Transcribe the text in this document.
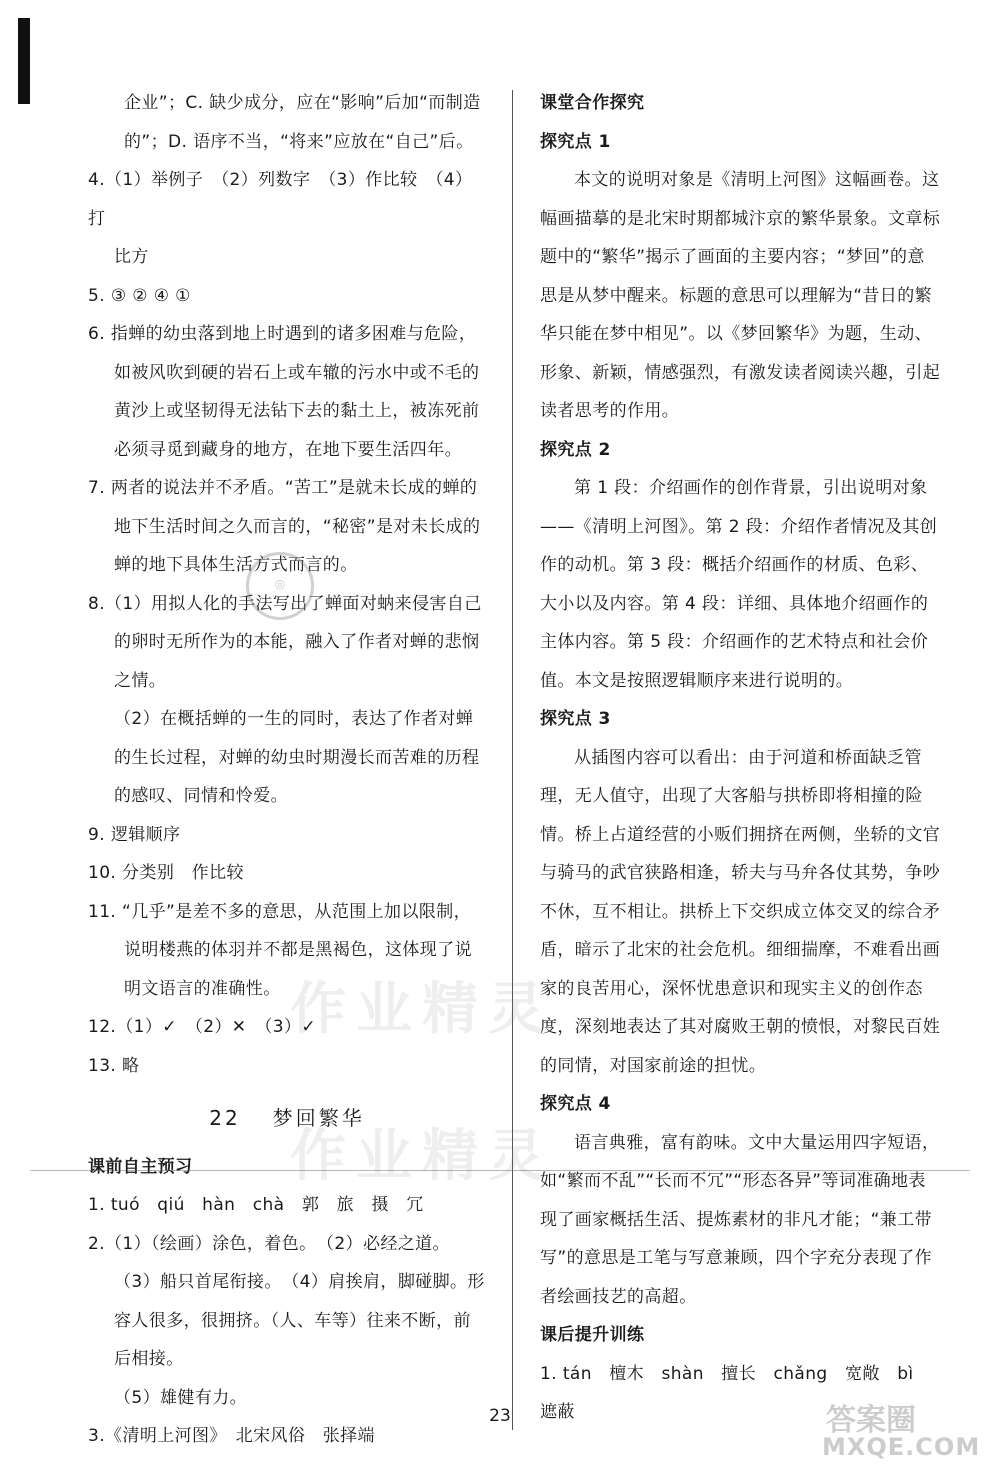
企业”；C. 缺少成分，应在“影响”后加“而制造

的”；D. 语序不当，“将来”应放在“自己”后。

4.（1）举例子　（2）列数字　（3）作比较　（4）打

比方

5. ③ ② ④ ①

6. 指蝉的幼虫落到地上时遇到的诸多困难与危险，如被风吹到硬的岩石上或车辙的污水中或不毛的黄沙上或坚韧得无法钻下去的黏土上，被冻死前必须寻觅到藏身的地方，在地下要生活四年。

7. 两者的说法并不矛盾。“苦工”是就未长成的蝉的地下生活时间之久而言的，“秘密”是对未长成的蝉的地下具体生活方式而言的。

8.（1）用拟人化的手法写出了蝉面对蚋来侵害自己的卵时无所作为的本能，融入了作者对蝉的悲悯之情。

（2）在概括蝉的一生的同时，表达了作者对蝉的生长过程，对蝉的幼虫时期漫长而苦难的历程的感叹、同情和怜爱。

9. 逻辑顺序

10. 分类别　作比较

11. “几乎”是差不多的意思，从范围上加以限制，说明楼燕的体羽并不都是黑褐色，这体现了说明文语言的准确性。

12.（1）✓　（2）✕　（3）✓

13. 略

22 梦回繁华

课前自主预习

1. tuó　qiú　hàn　chà　郭　旅　摄　冗

2.（1）（绘画）涂色，着色。　（2）必经之道。

（3）船只首尾衔接。　（4）肩挨肩，脚碰脚。形容人很多，很拥挤。（人、车等）往来不断，前后相接。

（5）雄健有力。

3.《清明上河图》　北宋风俗　张择端

课堂合作探究

探究点 1

本文的说明对象是《清明上河图》这幅画卷。这幅画描摹的是北宋时期都城汴京的繁华景象。文章标题中的“繁华”揭示了画面的主要内容；“梦回”的意思是从梦中醒来。标题的意思可以理解为“昔日的繁华只能在梦中相见”。以《梦回繁华》为题，生动、形象、新颖，情感强烈，有激发读者阅读兴趣，引起读者思考的作用。

探究点 2

第 1 段：介绍画作的创作背景，引出说明对象——《清明上河图》。第 2 段：介绍作者情况及其创作的动机。第 3 段：概括介绍画作的材质、色彩、大小以及内容。第 4 段：详细、具体地介绍画作的主体内容。第 5 段：介绍画作的艺术特点和社会价值。本文是按照逻辑顺序来进行说明的。

探究点 3

从插图内容可以看出：由于河道和桥面缺乏管理，无人值守，出现了大客船与拱桥即将相撞的险情。桥上占道经营的小贩们拥挤在两侧，坐轿的文官与骑马的武官狭路相逢，轿夫与马弁各仗其势，争吵不休，互不相让。拱桥上下交织成立体交叉的综合矛盾，暗示了北宋的社会危机。细细揣摩，不难看出画家的良苦用心，深怀忧患意识和现实主义的创作态度，深刻地表达了其对腐败王朝的愤恨，对黎民百姓的同情，对国家前途的担忧。

探究点 4

语言典雅，富有韵味。文中大量运用四字短语，如“繁而不乱”“长而不冗”“形态各异”等词准确地表现了画家概括生活、提炼素材的非凡才能；“兼工带写”的意思是工笔与写意兼顾，四个字充分表现了作者绘画技艺的高超。

课后提升训练

1. tán　檀木　shàn　擅长　chǎng　宽敞　bì　遮蔽

◎
作业精灵
作业精灵
23	答案圈
MXQE.COM
